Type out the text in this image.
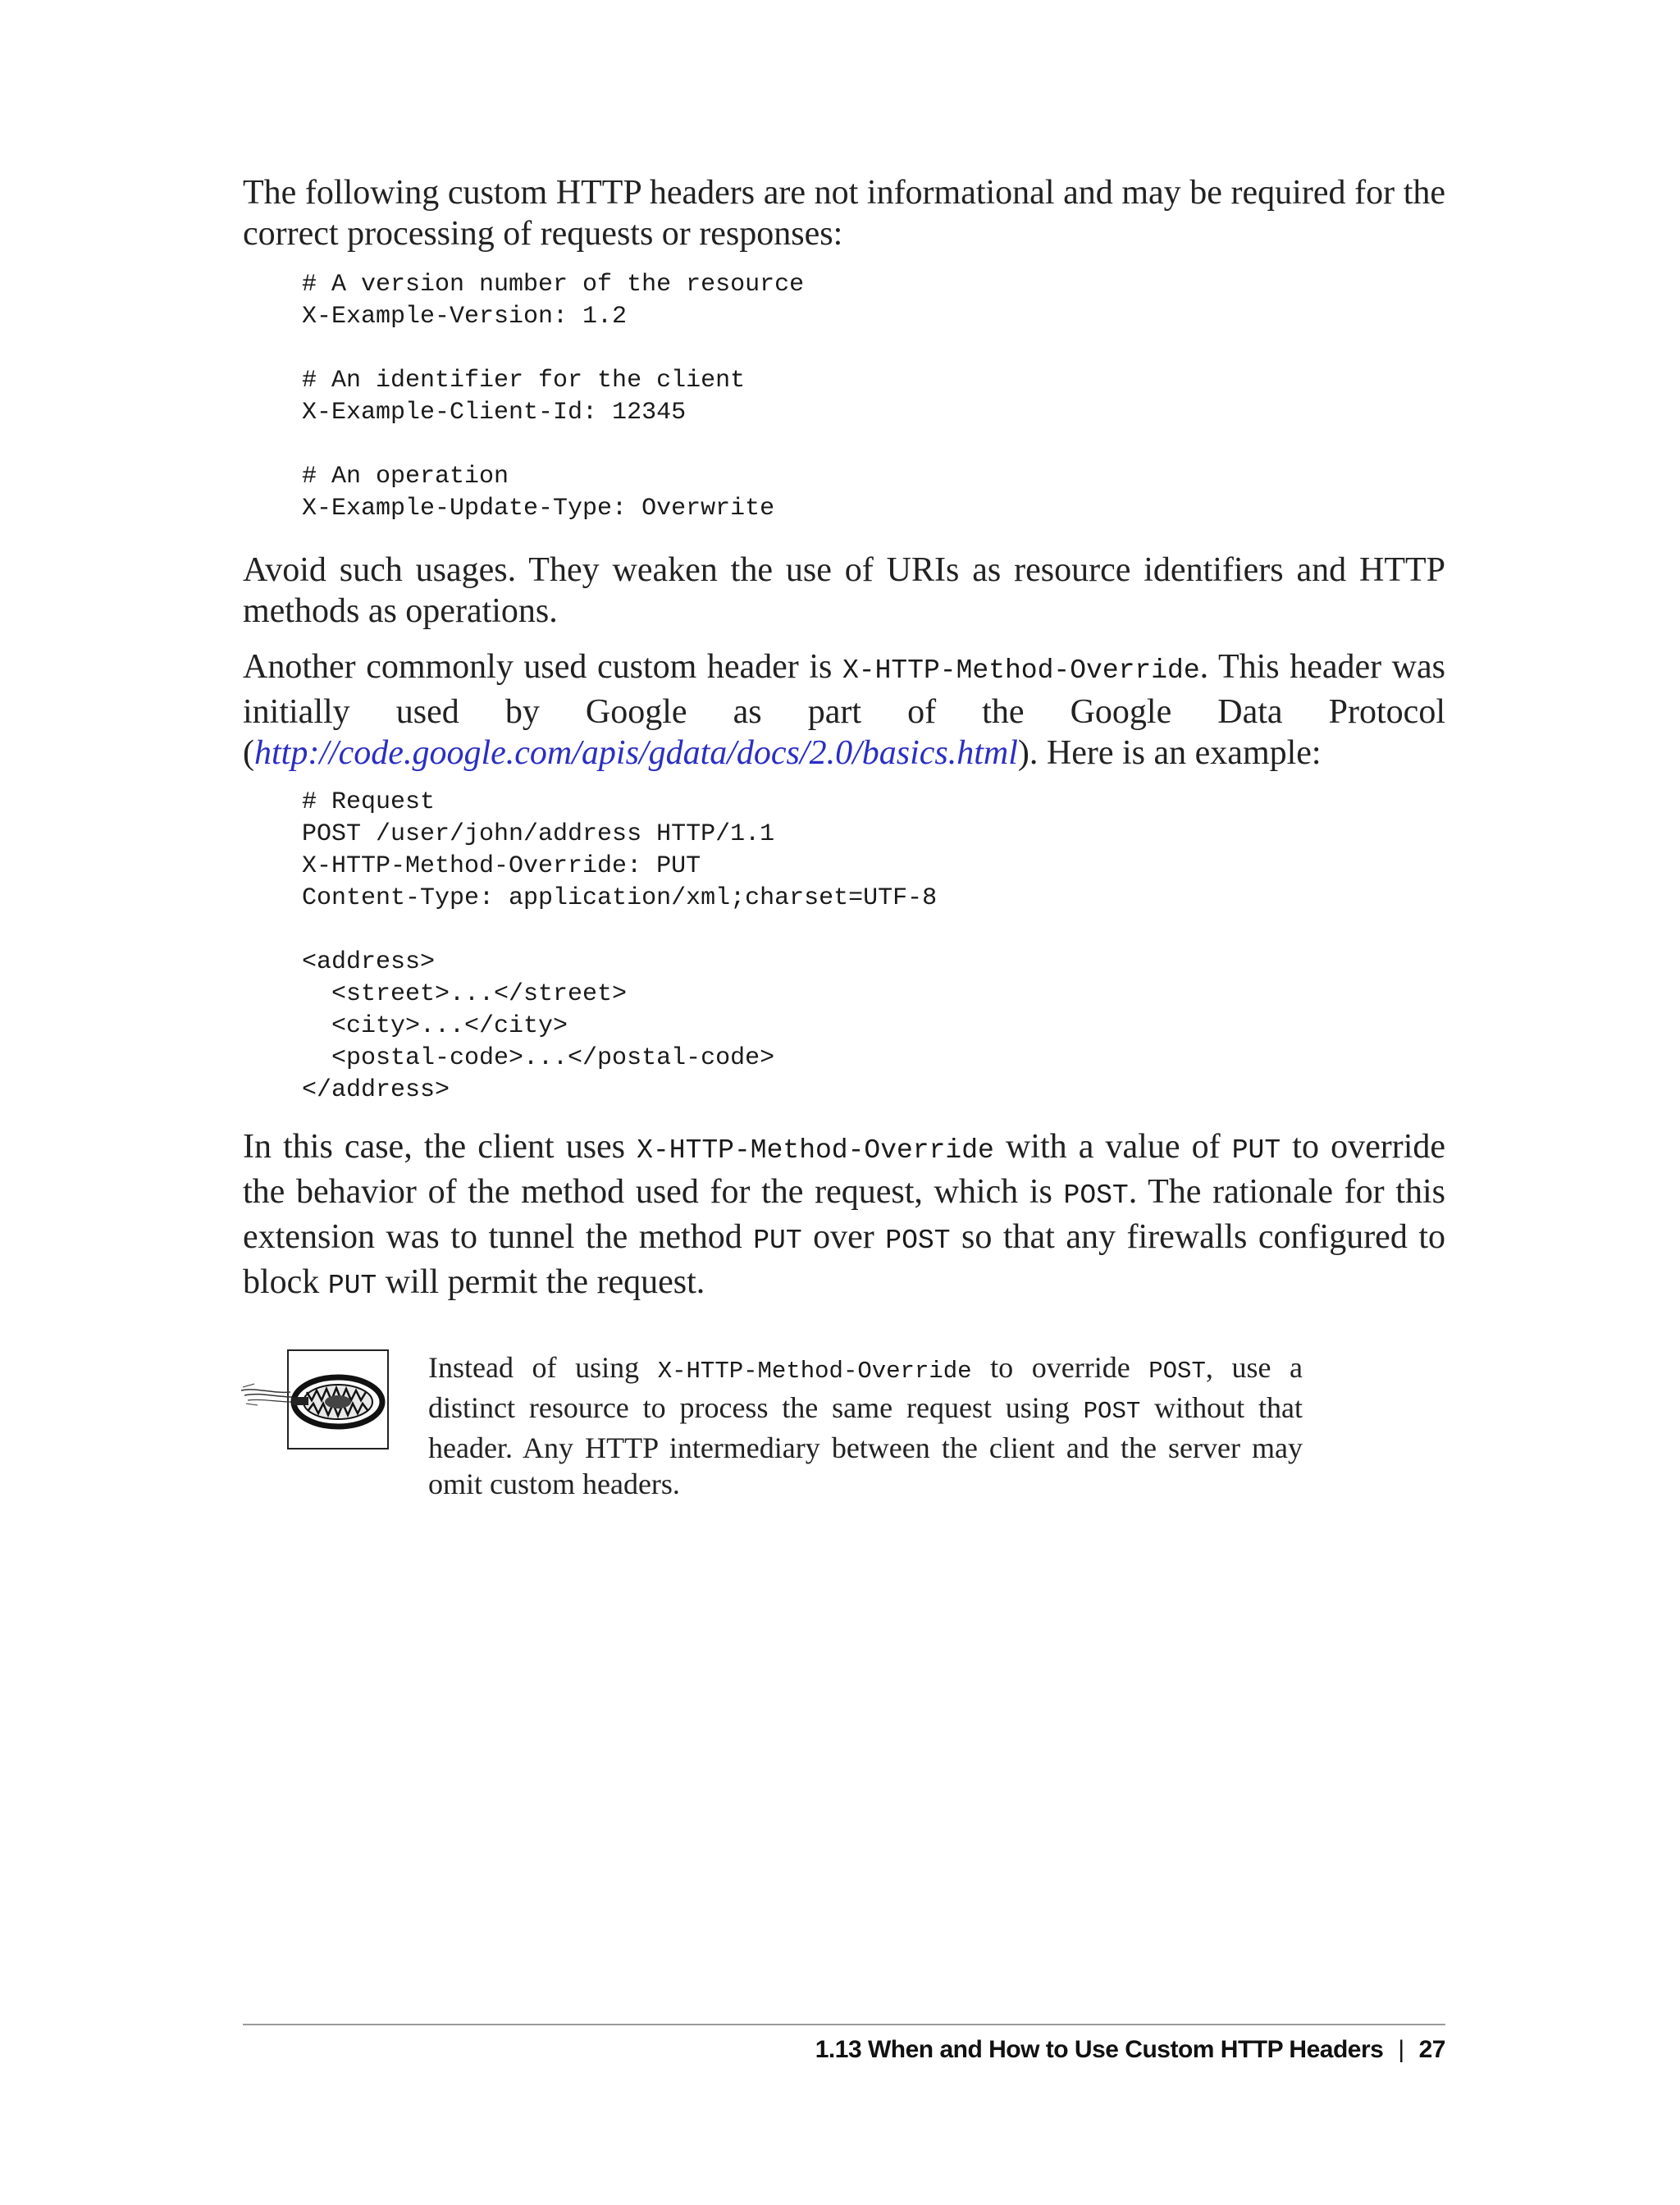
The following custom HTTP headers are not informational and may be required for the correct processing of requests or responses:

# A version number of the resource
X-Example-Version: 1.2

# An identifier for the client
X-Example-Client-Id: 12345

# An operation
X-Example-Update-Type: Overwrite

Avoid such usages. They weaken the use of URIs as resource identifiers and HTTP methods as operations.

Another commonly used custom header is X-HTTP-Method-Override. This header was initially used by Google as part of the Google Data Protocol (http://code.google.com/apis/gdata/docs/2.0/basics.html). Here is an example:

# Request
POST /user/john/address HTTP/1.1
X-HTTP-Method-Override: PUT
Content-Type: application/xml;charset=UTF-8

<address>
<street>...</street>
<city>...</city>
<postal-code>...</postal-code>
</address>

In this case, the client uses X-HTTP-Method-Override with a value of PUT to override the behavior of the method used for the request, which is POST. The rationale for this extension was to tunnel the method PUT over POST so that any firewalls configured to block PUT will permit the request.

Instead of using X-HTTP-Method-Override to override POST, use a distinct resource to process the same request using POST without that header. Any HTTP intermediary between the client and the server may omit custom headers.
1.13 When and How to Use Custom HTTP Headers | 27
